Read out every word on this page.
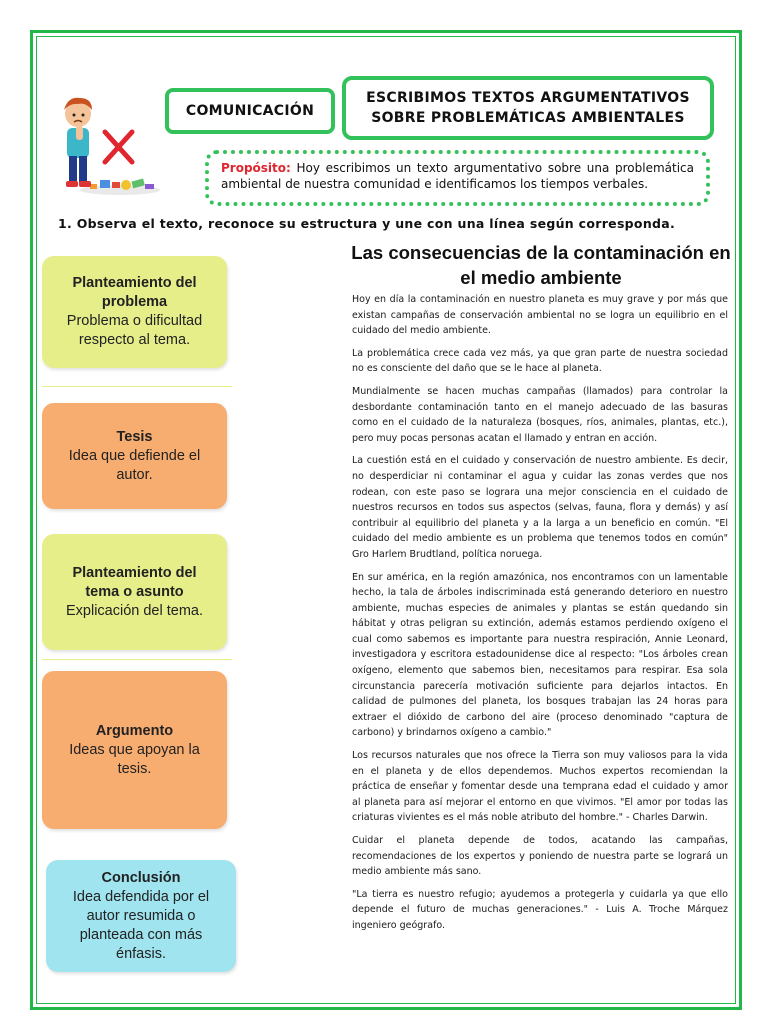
COMUNICACIÓN
ESCRIBIMOS TEXTOS ARGUMENTATIVOS
SOBRE PROBLEMÁTICAS AMBIENTALES
Propósito: Hoy escribimos un texto argumentativo sobre una problemática ambiental de nuestra comunidad e identificamos los tiempos verbales.
1. Observa el texto, reconoce su estructura y une con una línea según corresponda.
Planteamiento del problema
Problema o dificultad respecto al tema.
Tesis
Idea que defiende el autor.
Planteamiento del tema o asunto
Explicación del tema.
Argumento
Ideas que apoyan la tesis.
Conclusión
Idea defendida por el autor resumida o planteada con más énfasis.
Las consecuencias de la contaminación en el medio ambiente

Hoy en día la contaminación en nuestro planeta es muy grave y por más que existan campañas de conservación ambiental no se logra un equilibrio en el cuidado del medio ambiente.

La problemática crece cada vez más, ya que gran parte de nuestra sociedad no es consciente del daño que se le hace al planeta.

Mundialmente se hacen muchas campañas (llamados) para controlar la desbordante contaminación tanto en el manejo adecuado de las basuras como en el cuidado de la naturaleza (bosques, ríos, animales, plantas, etc.), pero muy pocas personas acatan el llamado y entran en acción.

La cuestión está en el cuidado y conservación de nuestro ambiente. Es decir, no desperdiciar ni contaminar el agua y cuidar las zonas verdes que nos rodean, con este paso se lograra una mejor consciencia en el cuidado de nuestros recursos en todos sus aspectos (selvas, fauna, flora y demás) y así contribuir al equilibrio del planeta y a la larga a un beneficio en común. "El cuidado del medio ambiente es un problema que tenemos todos en común" Gro Harlem Brudtland, política noruega.

En sur américa, en la región amazónica, nos encontramos con un lamentable hecho, la tala de árboles indiscriminada está generando deterioro en nuestro ambiente, muchas especies de animales y plantas se están quedando sin hábitat y otras peligran su extinción, además estamos perdiendo oxígeno el cual como sabemos es importante para nuestra respiración, Annie Leonard, investigadora y escritora estadounidense dice al respecto: "Los árboles crean oxígeno, elemento que sabemos bien, necesitamos para respirar. Esa sola circunstancia parecería motivación suficiente para dejarlos intactos. En calidad de pulmones del planeta, los bosques trabajan las 24 horas para extraer el dióxido de carbono del aire (proceso denominado "captura de carbono) y brindarnos oxígeno a cambio."

Los recursos naturales que nos ofrece la Tierra son muy valiosos para la vida en el planeta y de ellos dependemos. Muchos expertos recomiendan la práctica de enseñar y fomentar desde una temprana edad el cuidado y amor al planeta para así mejorar el entorno en que vivimos. "El amor por todas las criaturas vivientes es el más noble atributo del hombre." - Charles Darwin.

Cuidar el planeta depende de todos, acatando las campañas, recomendaciones de los expertos y poniendo de nuestra parte se logrará un medio ambiente más sano.

"La tierra es nuestro refugio; ayudemos a protegerla y cuidarla ya que ello depende el futuro de muchas generaciones." - Luis A. Troche Márquez ingeniero geógrafo.
